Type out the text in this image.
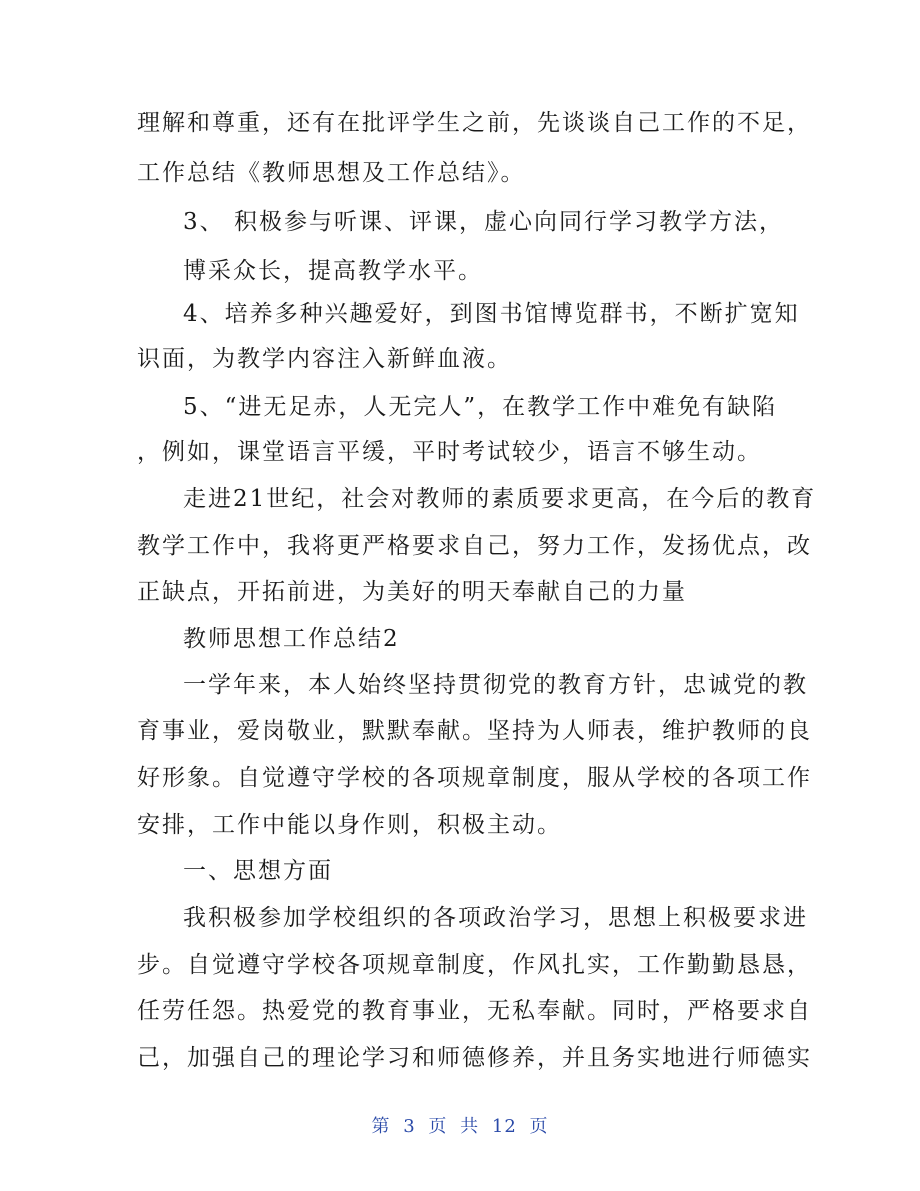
理解和尊重，还有在批评学生之前，先谈谈自己工作的不足，
工作总结《教师思想及工作总结》。
3、 积极参与听课、评课，虚心向同行学习教学方法，
博采众长，提高教学水平。
4、培养多种兴趣爱好，到图书馆博览群书，不断扩宽知
识面，为教学内容注入新鲜血液。
5、“进无足赤，人无完人”，在教学工作中难免有缺陷
，例如，课堂语言平缓，平时考试较少，语言不够生动。
走进21世纪，社会对教师的素质要求更高，在今后的教育
教学工作中，我将更严格要求自己，努力工作，发扬优点，改
正缺点，开拓前进，为美好的明天奉献自己的力量
教师思想工作总结2
一学年来，本人始终坚持贯彻党的教育方针，忠诚党的教
育事业，爱岗敬业，默默奉献。坚持为人师表，维护教师的良
好形象。自觉遵守学校的各项规章制度，服从学校的各项工作
安排，工作中能以身作则，积极主动。
一、思想方面
我积极参加学校组织的各项政治学习，思想上积极要求进
步。自觉遵守学校各项规章制度，作风扎实，工作勤勤恳恳，
任劳任怨。热爱党的教育事业，无私奉献。同时，严格要求自
己，加强自己的理论学习和师德修养，并且务实地进行师德实
第 3 页 共 12 页
